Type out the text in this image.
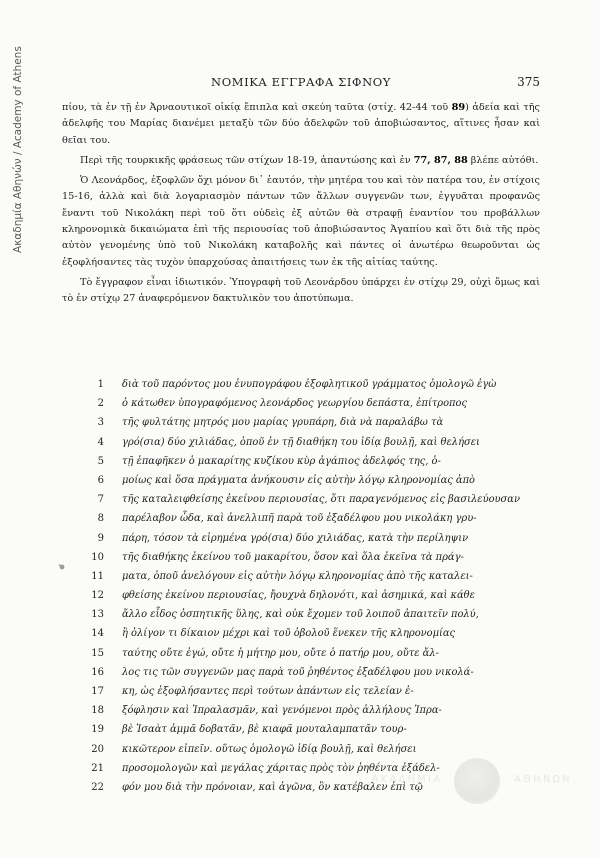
Ακαδημία Αθηνών / Academy of Athens	ΝΟΜΙΚΑ ΕΓΓΡΑΦΑ ΣΙΦΝΟΥ	375

πίου, τὰ ἐν τῇ ἐν Ἀρναουτικοῖ οἰκίᾳ ἔπιπλα καὶ σκεύη ταῦτα (στίχ. 42-44 τοῦ 89) ἀδεία καὶ τῆς ἀδελφῆς του Μαρίας διανέμει μεταξὺ τῶν δύο ἀδελφῶν τοῦ ἀποβιώσαντος, αἵτινες ἦσαν καὶ θεῖαι του.

Περὶ τῆς τουρκικῆς φράσεως τῶν στίχων 18-19, ἀπαντώσης καὶ ἐν 77, 87, 88 βλέπε αὐτόθι.

Ὁ Λεονάρδος, ἐξοφλῶν ὄχι μόνον δι᾿ ἑαυτόν, τὴν μητέρα του καὶ τὸν πατέρα του, ἐν στίχοις 15-16, ἀλλὰ καὶ διὰ λογαριασμὸν πάντων τῶν ἄλλων συγγενῶν των, ἐγγυᾶται προφανῶς ἔναντι τοῦ Νικολάκη περὶ τοῦ ὅτι οὐδεὶς ἐξ αὐτῶν θὰ στραφῇ ἐναντίον του προβάλλων κληρονομικὰ δικαιώματα ἐπὶ τῆς περιουσίας τοῦ ἀποβιώσαντος Ἀγαπίου καὶ ὅτι διὰ τῆς πρὸς αὐτὸν γενομένης ὑπὸ τοῦ Νικολάκη καταβολῆς καὶ πάντες οἱ ἀνωτέρω θεωροῦνται ὡς ἐξοφλήσαντες τὰς τυχὸν ὑπαρχούσας ἀπαιτήσεις των ἐκ τῆς αἰτίας ταύτης.

Τὸ ἔγγραφον εἶναι ἰδιωτικόν. Ὑπογραφὴ τοῦ Λεονάρδου ὑπάρχει ἐν στίχῳ 29, οὐχὶ ὅμως καὶ τὸ ἐν στίχῳ 27 ἀναφερόμενον δακτυλικὸν του ἀποτύπωμα.

1	διὰ τοῦ παρόντος μου ἐνυπογράφου ἐξοφλητικοῦ γράμματος ὁμολογῶ ἐγὼ
2	ὁ κάτωθεν ὑπογραφόμενος λεονάρδος γεωργίου δεπάστα, ἐπίτροπος
3	τῆς φυλτάτης μητρός μου μαρίας γρυπάρη, διὰ νὰ παραλάβω τὰ
4	γρό(σια) δύο χιλιάδας, ὁποῦ ἐν τῇ διαθήκη του ἰδίᾳ βουλῇ, καὶ θελήσει
5	τῇ ἐπαφῆκεν ὁ μακαρίτης κυζίκου κὺρ ἀγάπιος ἀδελφός της, ὁ-
6	μοίως καὶ ὅσα πράγματα ἀνήκουσιν εἰς αὐτὴν λόγῳ κληρονομίας ἀπὸ
7	τῆς καταλειφθείσης ἐκείνου περιουσίας, ὅτι παραγενόμενος εἰς βασιλεύουσαν
8	παρέλαβον ὧδα, καὶ ἀνελλιπῆ παρὰ τοῦ ἐξαδέλφου μου νικολάκη γρυ-
9	πάρη, τόσον τὰ εἰρημένα γρό(σια) δύο χιλιάδας, κατὰ τὴν περίληψιν
10	τῆς διαθήκης ἐκείνου τοῦ μακαρίτου, ὅσον καὶ ὅλα ἐκεῖνα τὰ πράγ-
11	ματα, ὁποῦ ἀνελόγουν εἰς αὐτὴν λόγῳ κληρονομίας ἀπὸ τῆς καταλει-
12	φθείσης ἐκείνου περιουσίας, ἤουχνὰ δηλονότι, καὶ ἀσημικά, καὶ κάθε
13	ἄλλο εἶδος ὁσπητικῆς ὕλης, καὶ οὐκ ἔχομεν τοῦ λοιποῦ ἀπαιτεῖν πολύ,
14	ἢ ὀλίγον τι δίκαιον μέχρι καὶ τοῦ ὀβολοῦ ἕνεκεν τῆς κληρονομίας
15	ταύτης οὔτε ἐγώ, οὔτε ἡ μήτηρ μου, οὔτε ὁ πατήρ μου, οὔτε ἄλ-
16	λος τις τῶν συγγενῶν μας παρὰ τοῦ ῥηθέντος ἐξαδέλφου μου νικολά-
17	κη, ὡς ἐξοφλήσαντες περὶ τούτων ἁπάντων εἰς τελείαν ἐ-
18	ξόφλησιν καὶ Ἰπραλασμᾶν, καὶ γενόμενοι πρὸς ἀλλήλους Ἰπρα-
19	βὲ Ἰσαὰτ ἀμμᾶ δοβατᾶν, βὲ κιαφᾶ μουταλαμπατᾶν τουρ-
20	κικῶτερον εἰπεῖν. οὕτως ὁμολογῶ ἰδίᾳ βουλῇ, καὶ θελήσει
21	προσομολογῶν καὶ μεγάλας χάριτας πρὸς τὸν ῥηθέντα ἐξάδελ-
22	φόν μου διὰ τὴν πρόνοιαν, καὶ ἀγῶνα, ὃν κατέβαλεν ἐπὶ τῷ
ΑΚΑΔΗΜΙΑ	ΑΘΗΝΩΝ
